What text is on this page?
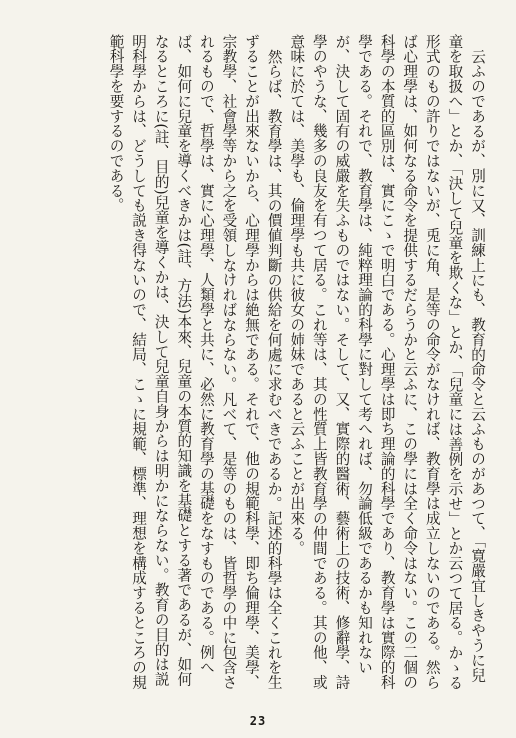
云ふのであるが、別に又、訓練上にも、教育的命令と云ふものがあつて、「寛嚴宜しきやうに兒童を取扱へ」とか、「決して兒童を欺くな」とか、「兒童には善例を示せ」とか云つて居る。かゝる形式のもの許りではないが、兎に角、是等の命令がなければ、教育學は成立しないのである。然らば心理學は、如何なる命令を提供するだらうかと云ふに、この學には全く命令はない。この二個の科學の本質的區別は、實にこゝで明白である。心理學は即ち理論的科學であり、教育學は實際的科學である。それで、教育學は、純粹理論的科學に對して考へれば、勿論低級であるかも知れないが、決して固有の威嚴を失ふものではない。そして、又、實際的醫術、藝術上の技術、修辭學、詩學のやうな、幾多の良友を有つて居る。これ等は、其の性質上皆教育學の仲間である。其の他、或意味に於ては、美學も、倫理學も共に彼女の姉妹であると云ふことが出來る。

然らば、教育學は、其の價値判斷の供給を何處に求むべきであるか。記述的科學は全くこれを生ずることが出來ないから、心理學からは絶無である。それで、他の規範科學、即ち倫理學、美學、宗教學、社會學等から之を受領しなければならない。凡べて、是等のものは、皆哲學の中に包含されるもので、哲學は、實に心理學、人類學と共に、必然に教育學の基礎をなすものである。例へば、如何に兒童を導くべきかは(註、方法)本來、兒童の本質的知識を基礎とする著であるが、如何なるところに(註、目的)兒童を導くかは、決して兒童自身からは明かにならない。教育の目的は説明科學からは、どうしても説き得ないので、結局、こゝに規範、標準、理想を構成するところの規範科學を要するのである。

23
